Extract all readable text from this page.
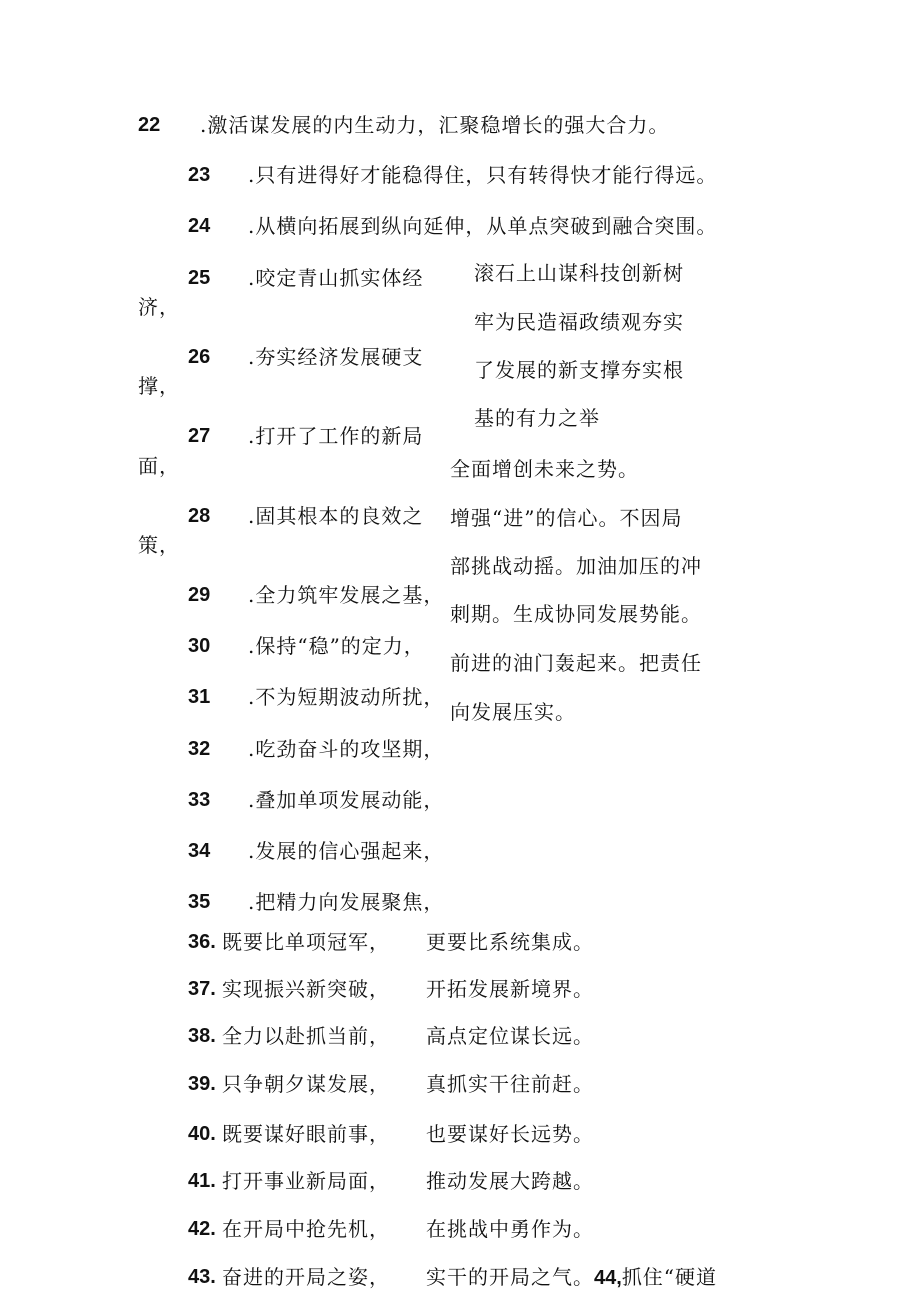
22 .激活谋发展的内生动力，汇聚稳增长的强大合力。
23 .只有进得好才能稳得住，只有转得快才能行得远。
24 .从横向拓展到纵向延伸，从单点突破到融合突围。
25 .咬定青山抓实体经
济，
26 .夯实经济发展硬支
撑，
27 .打开了工作的新局
面，
28 .固其根本的良效之
策，
29 .全力筑牢发展之基，
30 .保持“稳”的定力，
31 .不为短期波动所扰，
32 .吃劲奋斗的攻坚期，
33 .叠加单项发展动能，
34 .发展的信心强起来，
35 .把精力向发展聚焦，
滚石上山谋科技创新树
牢为民造福政绩观夯实
了发展的新支撑夯实根
基的有力之举
全面增创未来之势。
增强“进”的信心。不因局
部挑战动摇。加油加压的冲
刺期。生成协同发展势能。
前进的油门轰起来。把责任
向发展压实。
36. 既要比单项冠军， 更要比系统集成。
37. 实现振兴新突破， 开拓发展新境界。
38. 全力以赴抓当前， 高点定位谋长远。
39. 只争朝夕谋发展， 真抓实干往前赶。
40. 既要谋好眼前事， 也要谋好长远势。
41. 打开事业新局面， 推动发展大跨越。
42. 在开局中抢先机， 在挑战中勇作为。
43. 奋进的开局之姿， 实干的开局之气。44,抓住“硬道
